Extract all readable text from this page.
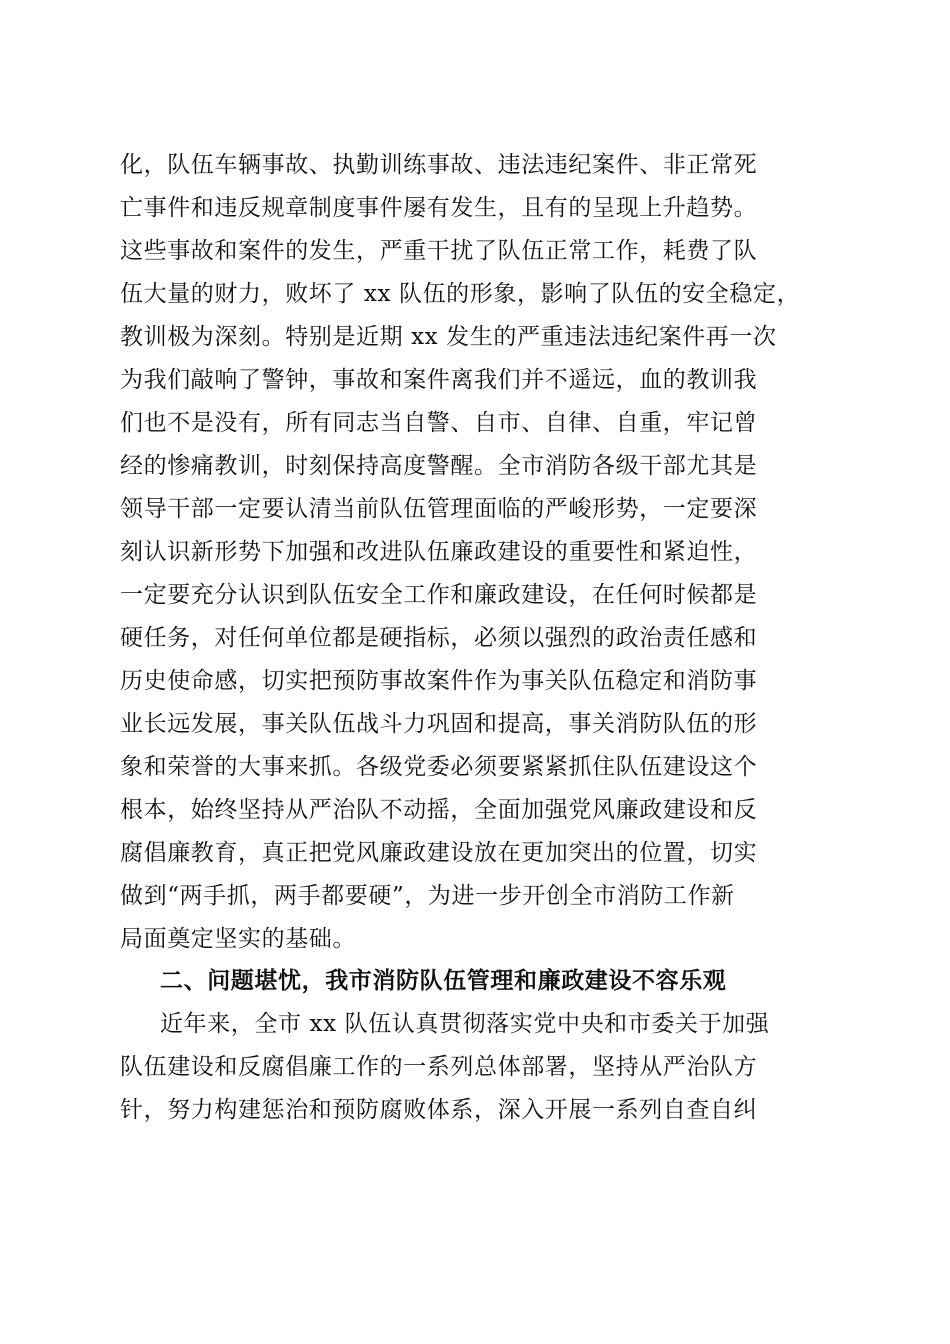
化，队伍车辆事故、执勤训练事故、违法违纪案件、非正常死
亡事件和违反规章制度事件屡有发生，且有的呈现上升趋势。
这些事故和案件的发生，严重干扰了队伍正常工作，耗费了队
伍大量的财力，败坏了 xx 队伍的形象，影响了队伍的安全稳定，
教训极为深刻。特别是近期 xx 发生的严重违法违纪案件再一次
为我们敲响了警钟，事故和案件离我们并不遥远，血的教训我
们也不是没有，所有同志当自警、自市、自律、自重，牢记曾
经的惨痛教训，时刻保持高度警醒。全市消防各级干部尤其是
领导干部一定要认清当前队伍管理面临的严峻形势，一定要深
刻认识新形势下加强和改进队伍廉政建设的重要性和紧迫性，
一定要充分认识到队伍安全工作和廉政建设，在任何时候都是
硬任务，对任何单位都是硬指标，必须以强烈的政治责任感和
历史使命感，切实把预防事故案件作为事关队伍稳定和消防事
业长远发展，事关队伍战斗力巩固和提高，事关消防队伍的形
象和荣誉的大事来抓。各级党委必须要紧紧抓住队伍建设这个
根本，始终坚持从严治队不动摇，全面加强党风廉政建设和反
腐倡廉教育，真正把党风廉政建设放在更加突出的位置，切实
做到“两手抓，两手都要硬”，为进一步开创全市消防工作新
局面奠定坚实的基础。
二、问题堪忧，我市消防队伍管理和廉政建设不容乐观
近年来，全市 xx 队伍认真贯彻落实党中央和市委关于加强
队伍建设和反腐倡廉工作的一系列总体部署，坚持从严治队方
针，努力构建惩治和预防腐败体系，深入开展一系列自查自纠
